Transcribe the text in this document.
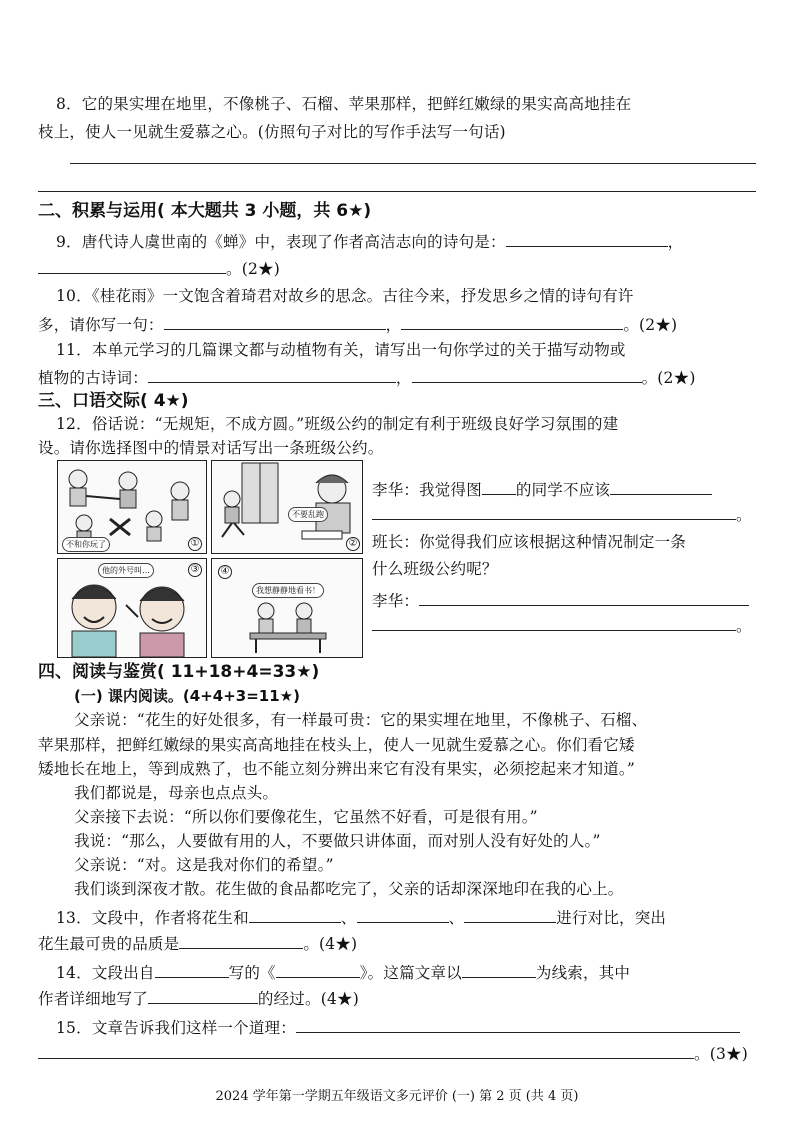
8．它的果实埋在地里，不像桃子、石榴、苹果那样，把鲜红嫩绿的果实高高地挂在
枝上，使人一见就生爱慕之心。(仿照句子对比的写作手法写一句话)
二、积累与运用( 本大题共 3 小题，共 6★)
9．唐代诗人虞世南的《蝉》中，表现了作者高洁志向的诗句是：	，
。(2★)
10．《桂花雨》一文饱含着琦君对故乡的思念。古往今来，抒发思乡之情的诗句有许
多，请你写一句：	，	。(2★)
11．本单元学习的几篇课文都与动植物有关，请写出一句你学过的关于描写动物或
植物的古诗词：	，	。(2★)
三、口语交际( 4★)
12．俗话说：“无规矩，不成方圆。”班级公约的制定有利于班级良好学习氛围的建
设。请你选择图中的情景对话写出一条班级公约。
不和你玩了	①
不要乱跑
②
他的外号叫…	③ ④
我想静静地看书！
李华：我觉得图 的同学不应该
。
班长：你觉得我们应该根据这种情况制定一条
什么班级公约呢？
李华：
。
四、阅读与鉴赏( 11+18+4=33★)
(一) 课内阅读。(4+4+3=11★)
父亲说：“花生的好处很多，有一样最可贵：它的果实埋在地里，不像桃子、石榴、
苹果那样，把鲜红嫩绿的果实高高地挂在枝头上，使人一见就生爱慕之心。你们看它矮
矮地长在地上，等到成熟了，也不能立刻分辨出来它有没有果实，必须挖起来才知道。”
我们都说是，母亲也点点头。
父亲接下去说：“所以你们要像花生，它虽然不好看，可是很有用。”
我说：“那么，人要做有用的人，不要做只讲体面，而对别人没有好处的人。”
父亲说：“对。这是我对你们的希望。”
我们谈到深夜才散。花生做的食品都吃完了，父亲的话却深深地印在我的心上。
13．文段中，作者将花生和	、	、	进行对比，突出
花生最可贵的品质是	。(4★)
14．文段出自	写的《	》。这篇文章以	为线索，其中
作者详细地写了	的经过。(4★)
15．文章告诉我们这样一个道理：
。(3★)
2024 学年第一学期五年级语文多元评价 (一) 第 2 页 (共 4 页)
